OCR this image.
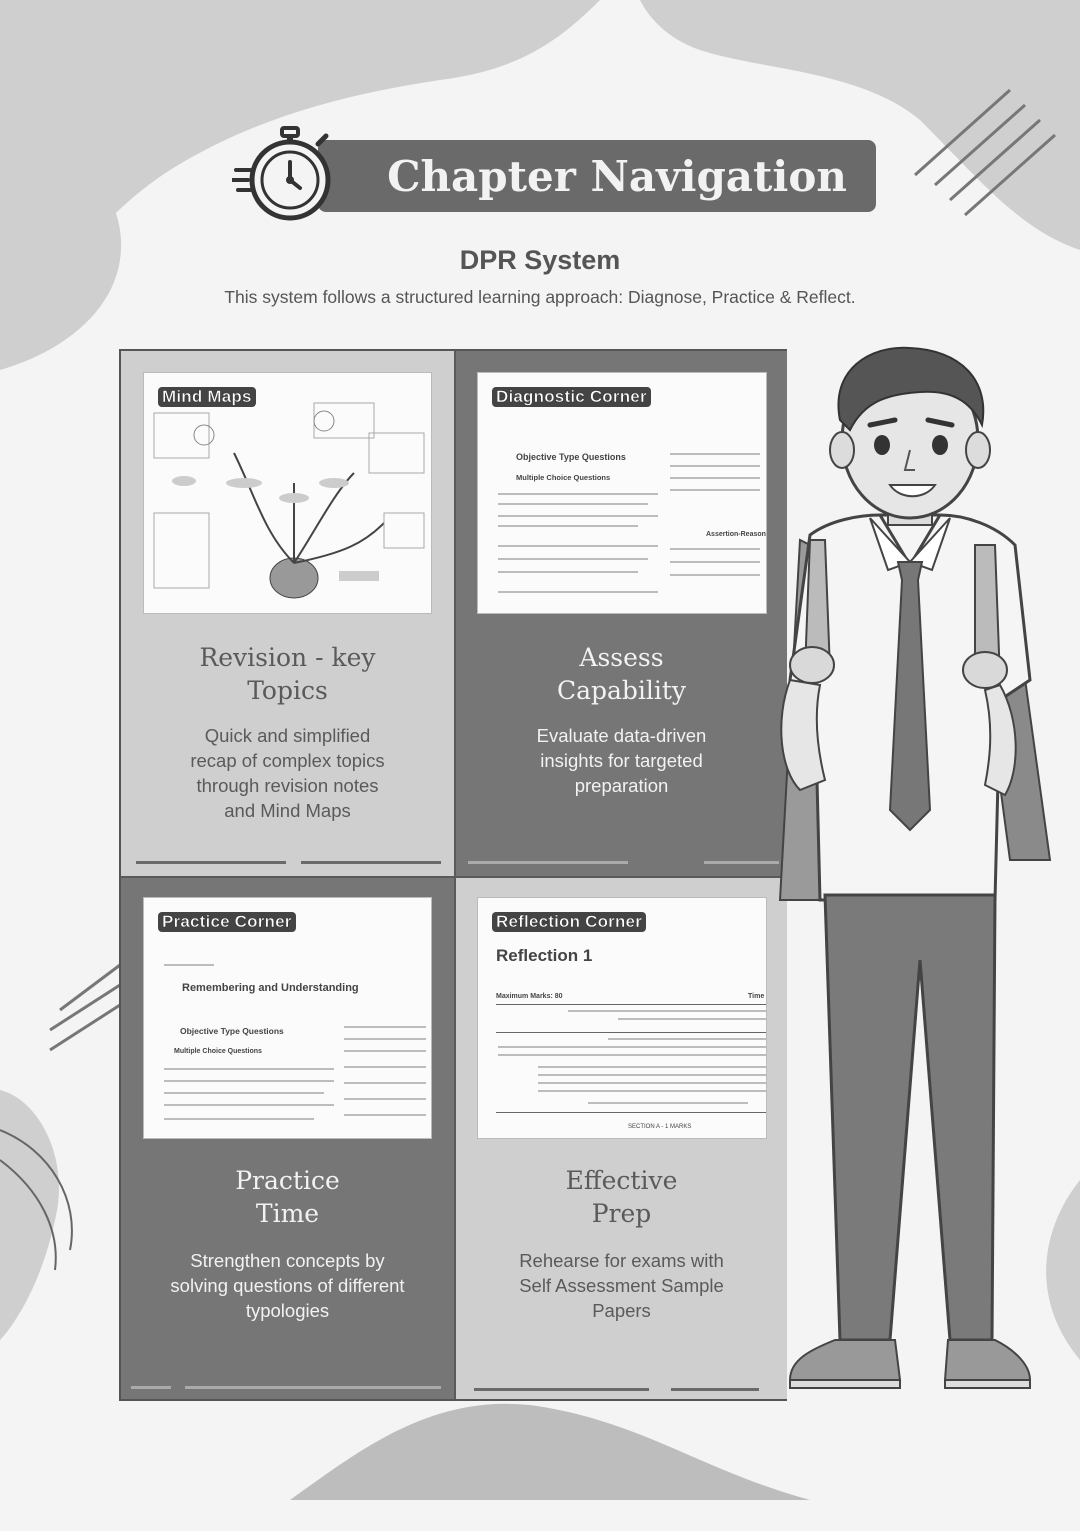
Chapter Navigation
DPR System
This system follows a structured learning approach: Diagnose, Practice & Reflect.
Mind Maps
Revision - key
Topics
Quick and simplified
recap of complex topics
through revision notes
and Mind Maps
Diagnostic Corner
Objective Type Questions
Multiple Choice Questions
Assertion-Reason
Assess
Capability
Evaluate data-driven
insights for targeted
preparation
Practice Corner
Remembering and Understanding
Objective Type Questions
Multiple Choice Questions
Practice
Time
Strengthen concepts by
solving questions of different
typologies
Reflection Corner
Reflection 1
Maximum Marks: 80	Time
SECTION A - 1 MARKS
Effective
Prep
Rehearse for exams with
Self Assessment Sample
Papers
